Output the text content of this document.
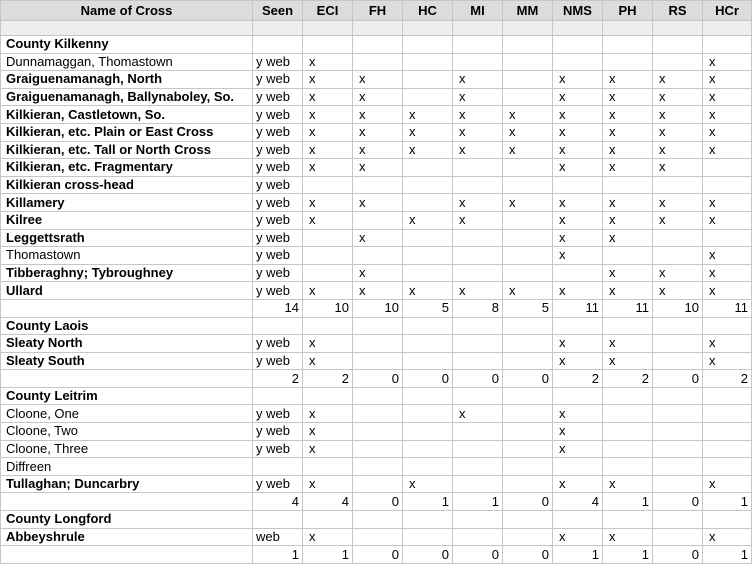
Name of Cross	Seen	ECI	FH	HC	MI	MM	NMS	PH	RS	HCr

County Kilkenny										
Dunnamaggan, Thomastown	y web	x								x
Graiguenamanagh, North	y web	x	x		x		x	x	x	x
Graiguenamanagh, Ballynaboley, So.	y web	x	x		x		x	x	x	x
Kilkieran, Castletown, So.	y web	x	x	x	x	x	x	x	x	x
Kilkieran, etc. Plain or East Cross	y web	x	x	x	x	x	x	x	x	x
Kilkieran, etc. Tall or North Cross	y web	x	x	x	x	x	x	x	x	x
Kilkieran, etc. Fragmentary	y web	x	x				x	x	x	
Kilkieran cross-head	y web									
Killamery	y web	x	x		x	x	x	x	x	x
Kilree	y web	x		x	x		x	x	x	x
Leggettsrath	y web		x				x	x		
Thomastown	y web						x			x
Tibberaghny; Tybroughney	y web		x					x	x	x
Ullard	y web	x	x	x	x	x	x	x	x	x
	14	10	10	5	8	5	11	11	10	11
County Laois										
Sleaty North	y web	x					x	x		x
Sleaty South	y web	x					x	x		x
	2	2	0	0	0	0	2	2	0	2
County Leitrim										
Cloone, One	y web	x			x		x			
Cloone, Two	y web	x					x			
Cloone, Three	y web	x					x			
Diffreen										
Tullaghan; Duncarbry	y web	x		x			x	x		x
	4	4	0	1	1	0	4	1	0	1
County Longford										
Abbeyshrule	web	x					x	x		x
	1	1	0	0	0	0	1	1	0	1
